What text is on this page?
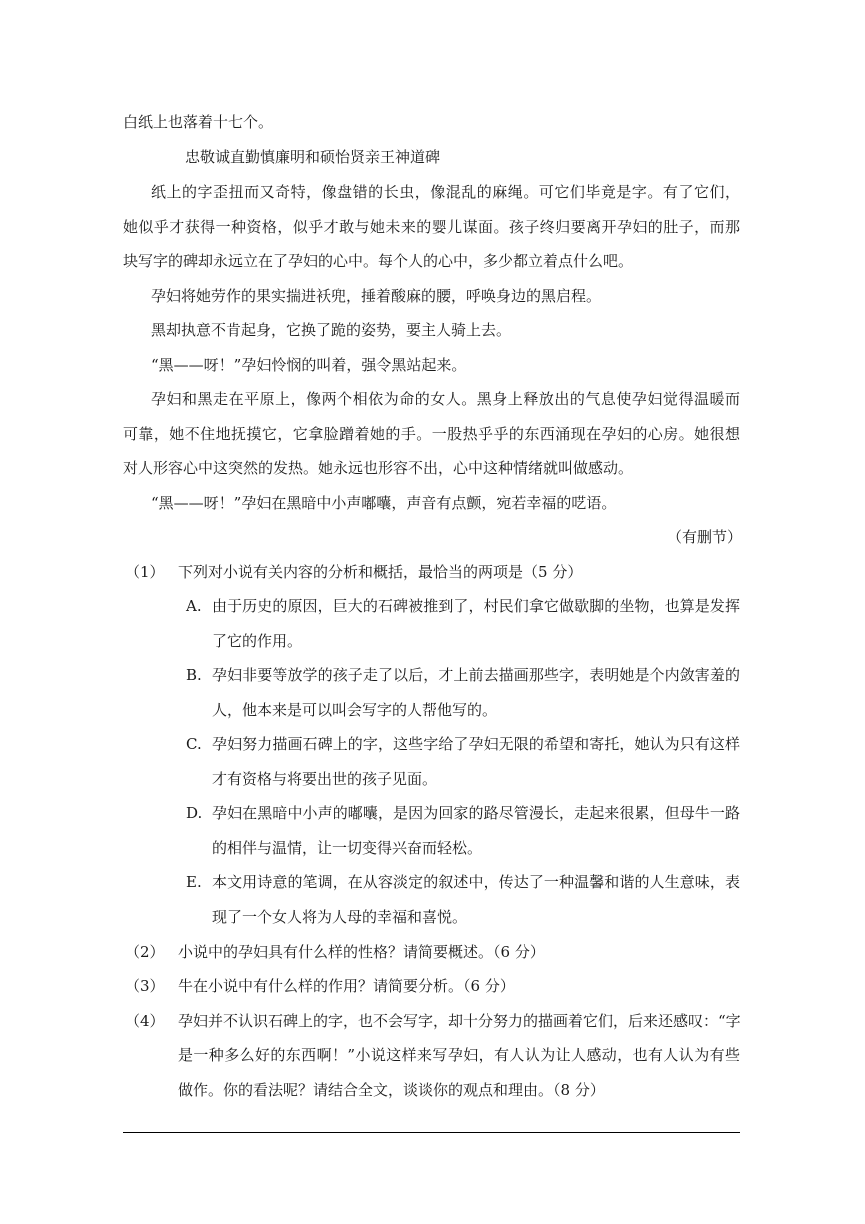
白纸上也落着十七个。
忠敬诚直勤慎廉明和硕怡贤亲王神道碑
纸上的字歪扭而又奇特，像盘错的长虫，像混乱的麻绳。可它们毕竟是字。有了它们，
她似乎才获得一种资格，似乎才敢与她未来的婴儿谋面。孩子终归要离开孕妇的肚子，而那
块写字的碑却永远立在了孕妇的心中。每个人的心中，多少都立着点什么吧。
孕妇将她劳作的果实揣进袄兜，捶着酸麻的腰，呼唤身边的黑启程。
黑却执意不肯起身，它换了跪的姿势，要主人骑上去。
“黑——呀！”孕妇怜悯的叫着，强令黑站起来。
孕妇和黑走在平原上，像两个相依为命的女人。黑身上释放出的气息使孕妇觉得温暖而
可靠，她不住地抚摸它，它拿脸蹭着她的手。一股热乎乎的东西涌现在孕妇的心房。她很想
对人形容心中这突然的发热。她永远也形容不出，心中这种情绪就叫做感动。
“黑——呀！”孕妇在黑暗中小声嘟囔，声音有点颤，宛若幸福的呓语。
（有删节）
（1） 下列对小说有关内容的分析和概括，最恰当的两项是（5 分）
A. 由于历史的原因，巨大的石碑被推到了，村民们拿它做歇脚的坐物，也算是发挥
了它的作用。
B. 孕妇非要等放学的孩子走了以后，才上前去描画那些字，表明她是个内敛害羞的
人，他本来是可以叫会写字的人帮他写的。
C. 孕妇努力描画石碑上的字，这些字给了孕妇无限的希望和寄托，她认为只有这样
才有资格与将要出世的孩子见面。
D. 孕妇在黑暗中小声的嘟囔，是因为回家的路尽管漫长，走起来很累，但母牛一路
的相伴与温情，让一切变得兴奋而轻松。
E. 本文用诗意的笔调，在从容淡定的叙述中，传达了一种温馨和谐的人生意味，表
现了一个女人将为人母的幸福和喜悦。
（2） 小说中的孕妇具有什么样的性格？请简要概述。（6 分）
（3） 牛在小说中有什么样的作用？请简要分析。（6 分）
（4） 孕妇并不认识石碑上的字，也不会写字，却十分努力的描画着它们，后来还感叹：“字
是一种多么好的东西啊！”小说这样来写孕妇，有人认为让人感动，也有人认为有些
做作。你的看法呢？请结合全文，谈谈你的观点和理由。（8 分）
